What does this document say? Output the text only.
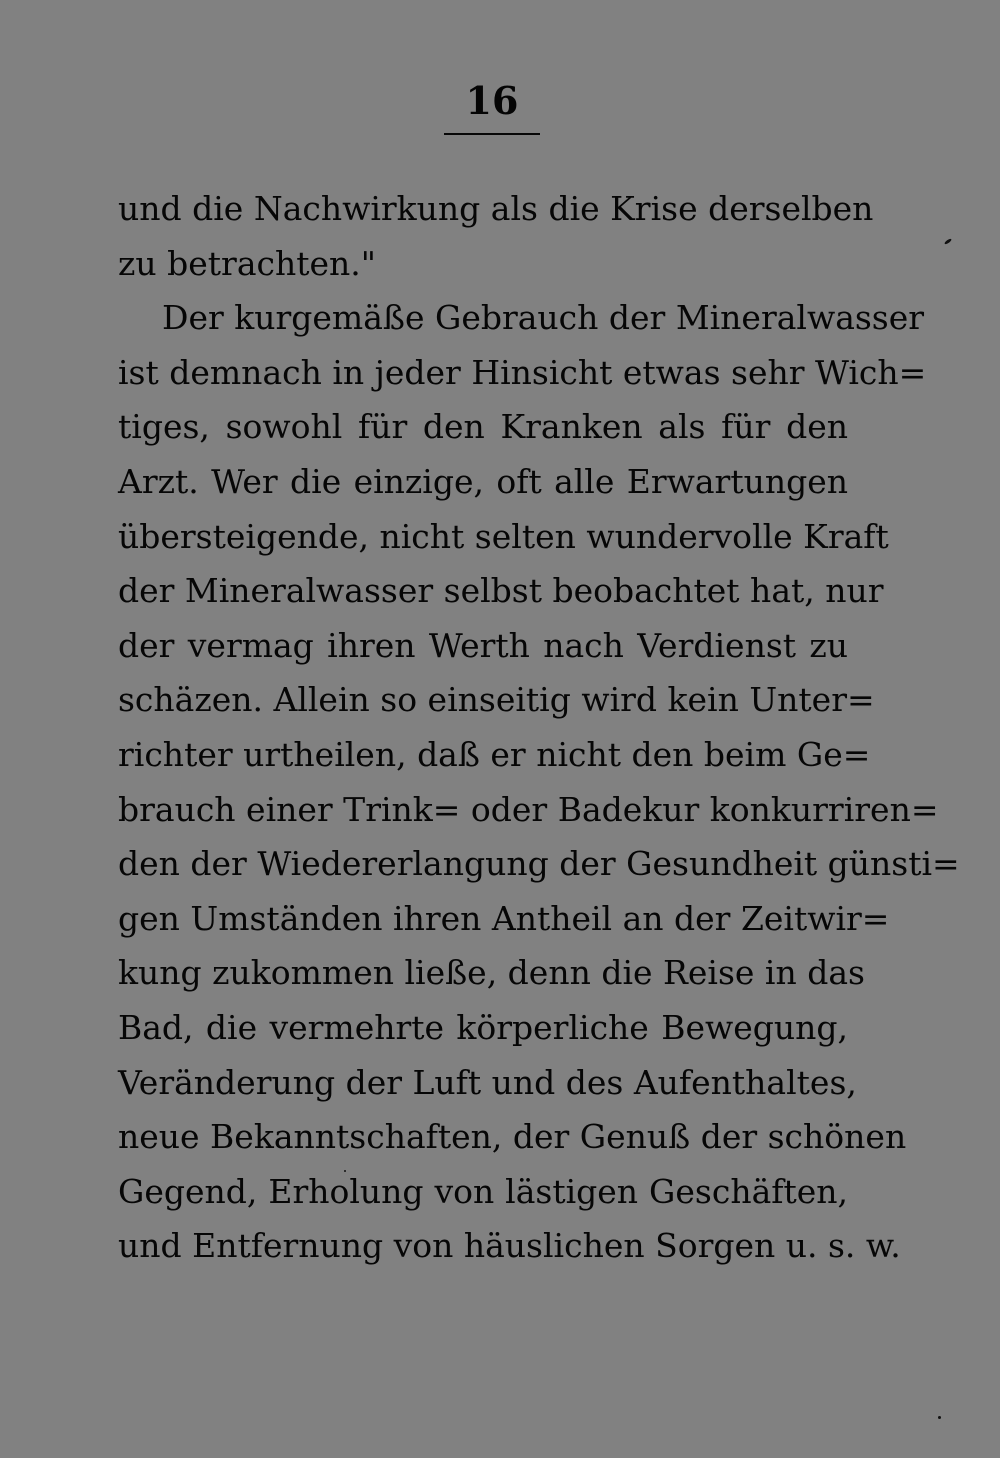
16
und die Nachwirkung als die Krise derselben
zu betrachten."
Der kurgemäße Gebrauch der Mineralwasser
ist demnach in jeder Hinsicht etwas sehr Wich=
tiges, sowohl für den Kranken als für den
Arzt. Wer die einzige, oft alle Erwartungen
übersteigende, nicht selten wundervolle Kraft
der Mineralwasser selbst beobachtet hat, nur
der vermag ihren Werth nach Verdienst zu
schäzen. Allein so einseitig wird kein Unter=
richter urtheilen, daß er nicht den beim Ge=
brauch einer Trink= oder Badekur konkurriren=
den der Wiedererlangung der Gesundheit günsti=
gen Umständen ihren Antheil an der Zeitwir=
kung zukommen ließe, denn die Reise in das
Bad, die vermehrte körperliche Bewegung,
Veränderung der Luft und des Aufenthaltes,
neue Bekanntschaften, der Genuß der schönen
Gegend, Erholung von lästigen Geschäften,
und Entfernung von häuslichen Sorgen u. s. w.
